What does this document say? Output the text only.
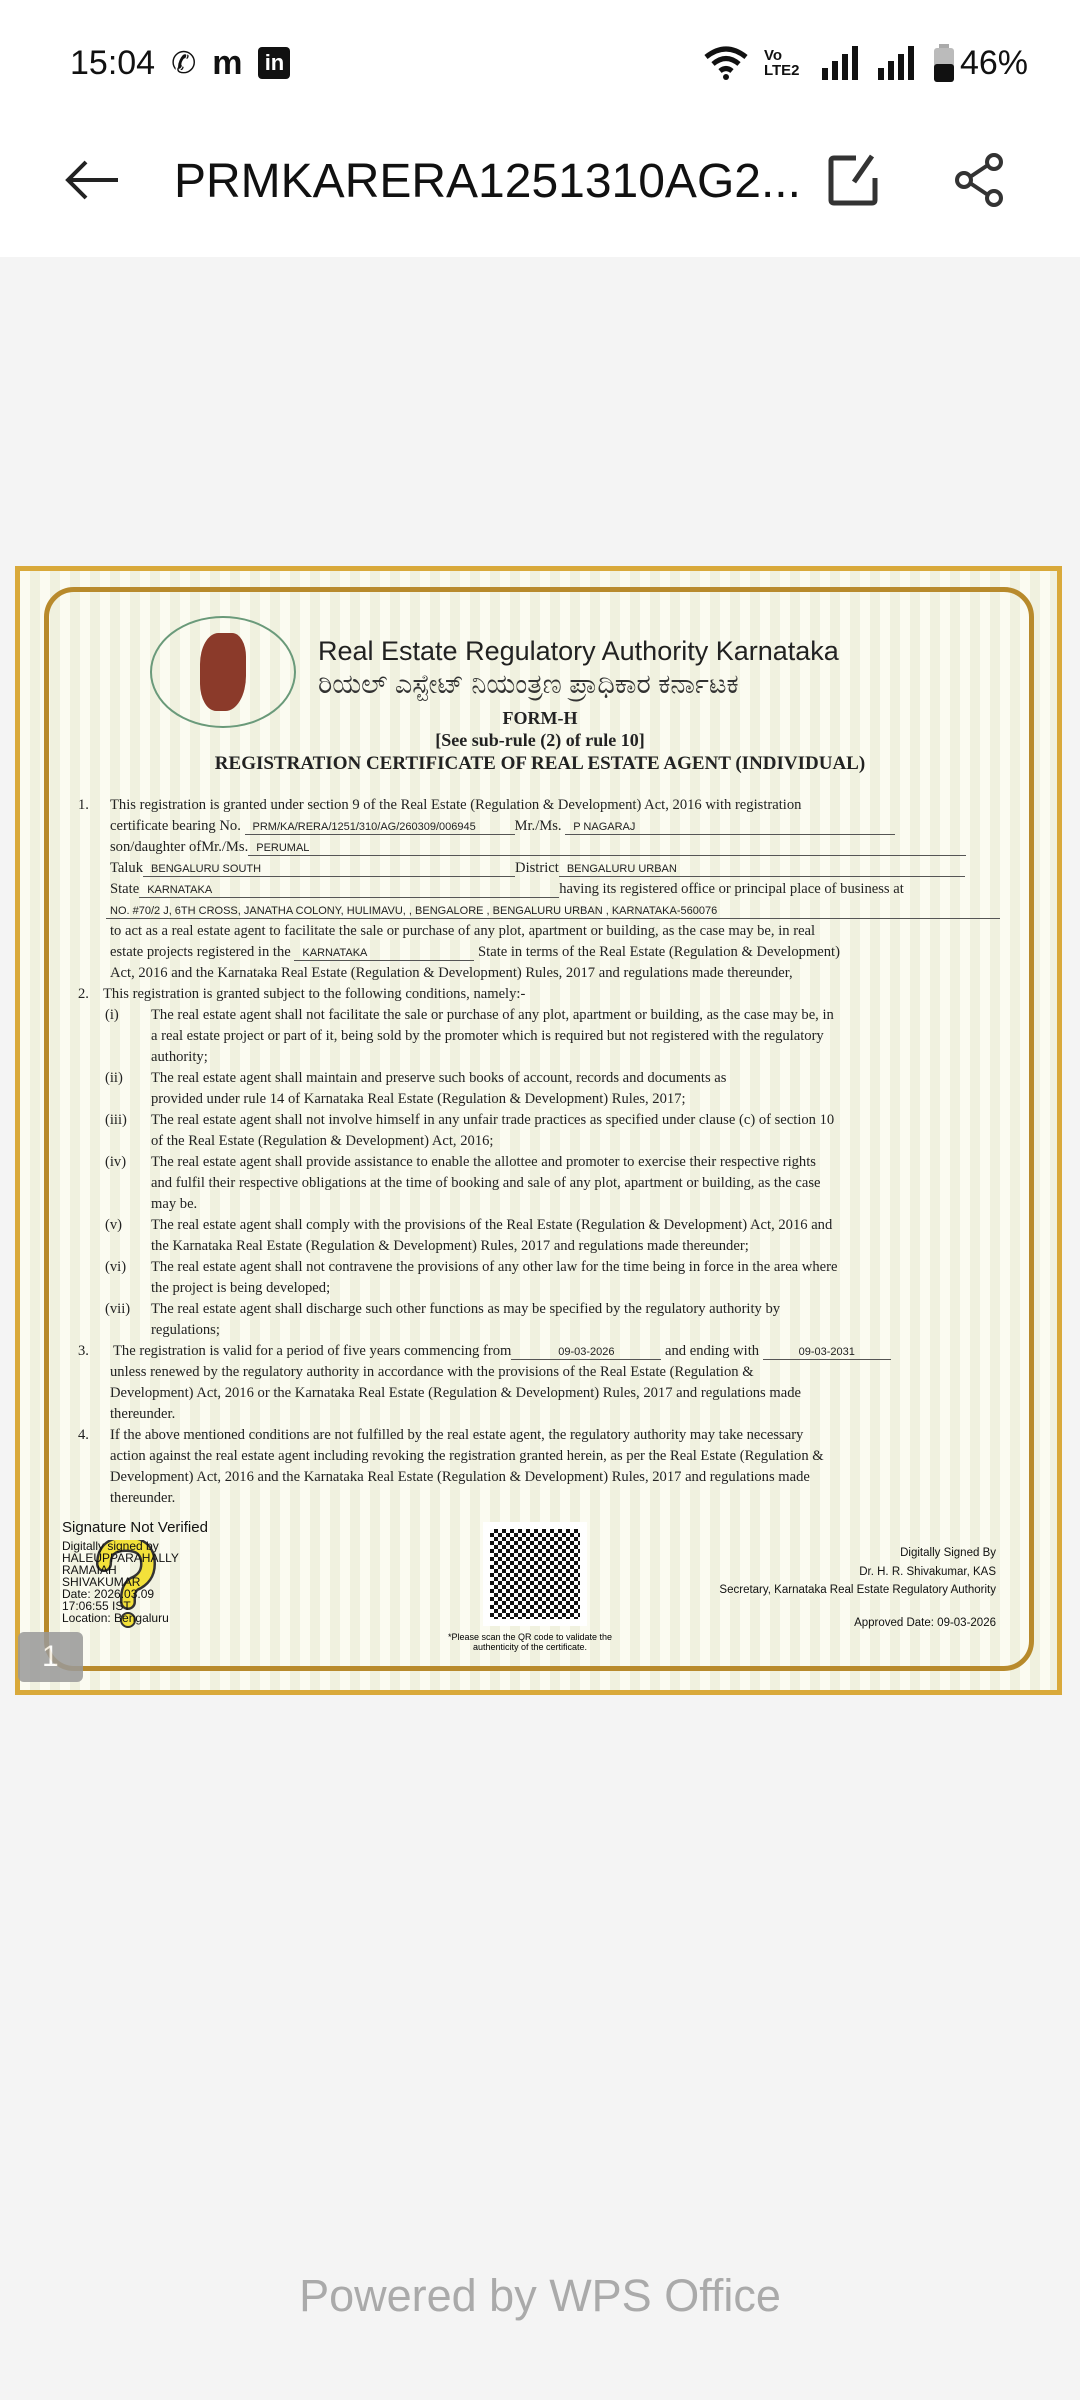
15:04 ✆ m in	Vo LTE2	46%
PRMKARERA1251310AG2...
Real Estate Regulatory Authority Karnataka
ರಿಯಲ್ ಎಸ್ಟೇಟ್ ನಿಯಂತ್ರಣ ಪ್ರಾಧಿಕಾರ ಕರ್ನಾಟಕ
FORM-H
[See sub-rule (2) of rule 10]
REGISTRATION CERTIFICATE OF REAL ESTATE AGENT (INDIVIDUAL)
1. This registration is granted under section 9 of the Real Estate (Regulation & Development) Act, 2016 with registration
certificate bearing No. PRM/KA/RERA/1251/310/AG/260309/006945	Mr./Ms. P NAGARAJ
son/daughter ofMr./Ms. PERUMAL
Taluk BENGALURU SOUTH	District BENGALURU URBAN
State KARNATAKA	having its registered office or principal place of business at
NO. #70/2 J, 6TH CROSS, JANATHA COLONY, HULIMAVU, , BENGALORE , BENGALURU URBAN , KARNATAKA-560076
to act as a real estate agent to facilitate the sale or purchase of any plot, apartment or building, as the case may be, in real
estate projects registered in the KARNATAKA	State in terms of the Real Estate (Regulation & Development)
Act, 2016 and the Karnataka Real Estate (Regulation & Development) Rules, 2017 and regulations made thereunder,
2. This registration is granted subject to the following conditions, namely:-
(i) The real estate agent shall not facilitate the sale or purchase of any plot, apartment or building, as the case may be, in
a real estate project or part of it, being sold by the promoter which is required but not registered with the regulatory
authority;
(ii) The real estate agent shall maintain and preserve such books of account, records and documents as
provided under rule 14 of Karnataka Real Estate (Regulation & Development) Rules, 2017;
(iii) The real estate agent shall not involve himself in any unfair trade practices as specified under clause (c) of section 10
of the Real Estate (Regulation & Development) Act, 2016;
(iv) The real estate agent shall provide assistance to enable the allottee and promoter to exercise their respective rights
and fulfil their respective obligations at the time of booking and sale of any plot, apartment or building, as the case
may be.
(v) The real estate agent shall comply with the provisions of the Real Estate (Regulation & Development) Act, 2016 and
the Karnataka Real Estate (Regulation & Development) Rules, 2017 and regulations made thereunder;
(vi) The real estate agent shall not contravene the provisions of any other law for the time being in force in the area where
the project is being developed;
(vii) The real estate agent shall discharge such other functions as may be specified by the regulatory authority by
regulations;
3. The registration is valid for a period of five years commencing from	09-03-2026	and ending with	09-03-2031
unless renewed by the regulatory authority in accordance with the provisions of the Real Estate (Regulation &
Development) Act, 2016 or the Karnataka Real Estate (Regulation & Development) Rules, 2017 and regulations made
thereunder.
4. If the above mentioned conditions are not fulfilled by the real estate agent, the regulatory authority may take necessary
action against the real estate agent including revoking the registration granted herein, as per the Real Estate (Regulation &
Development) Act, 2016 and the Karnataka Real Estate (Regulation & Development) Rules, 2017 and regulations made
thereunder.
Signature Not Verified
Digitally signed by
HALEUPPARAHALLY
RAMAIAH
SHIVAKUMAR
Date: 2026.03.09
17:06:55 IST
Location: Bengaluru
*Please scan the QR code to validate the authenticity of the certificate.
Digitally Signed By
Dr. H. R. Shivakumar, KAS
Secretary, Karnataka Real Estate Regulatory Authority
Approved Date: 09-03-2026
1
Powered by WPS Office
